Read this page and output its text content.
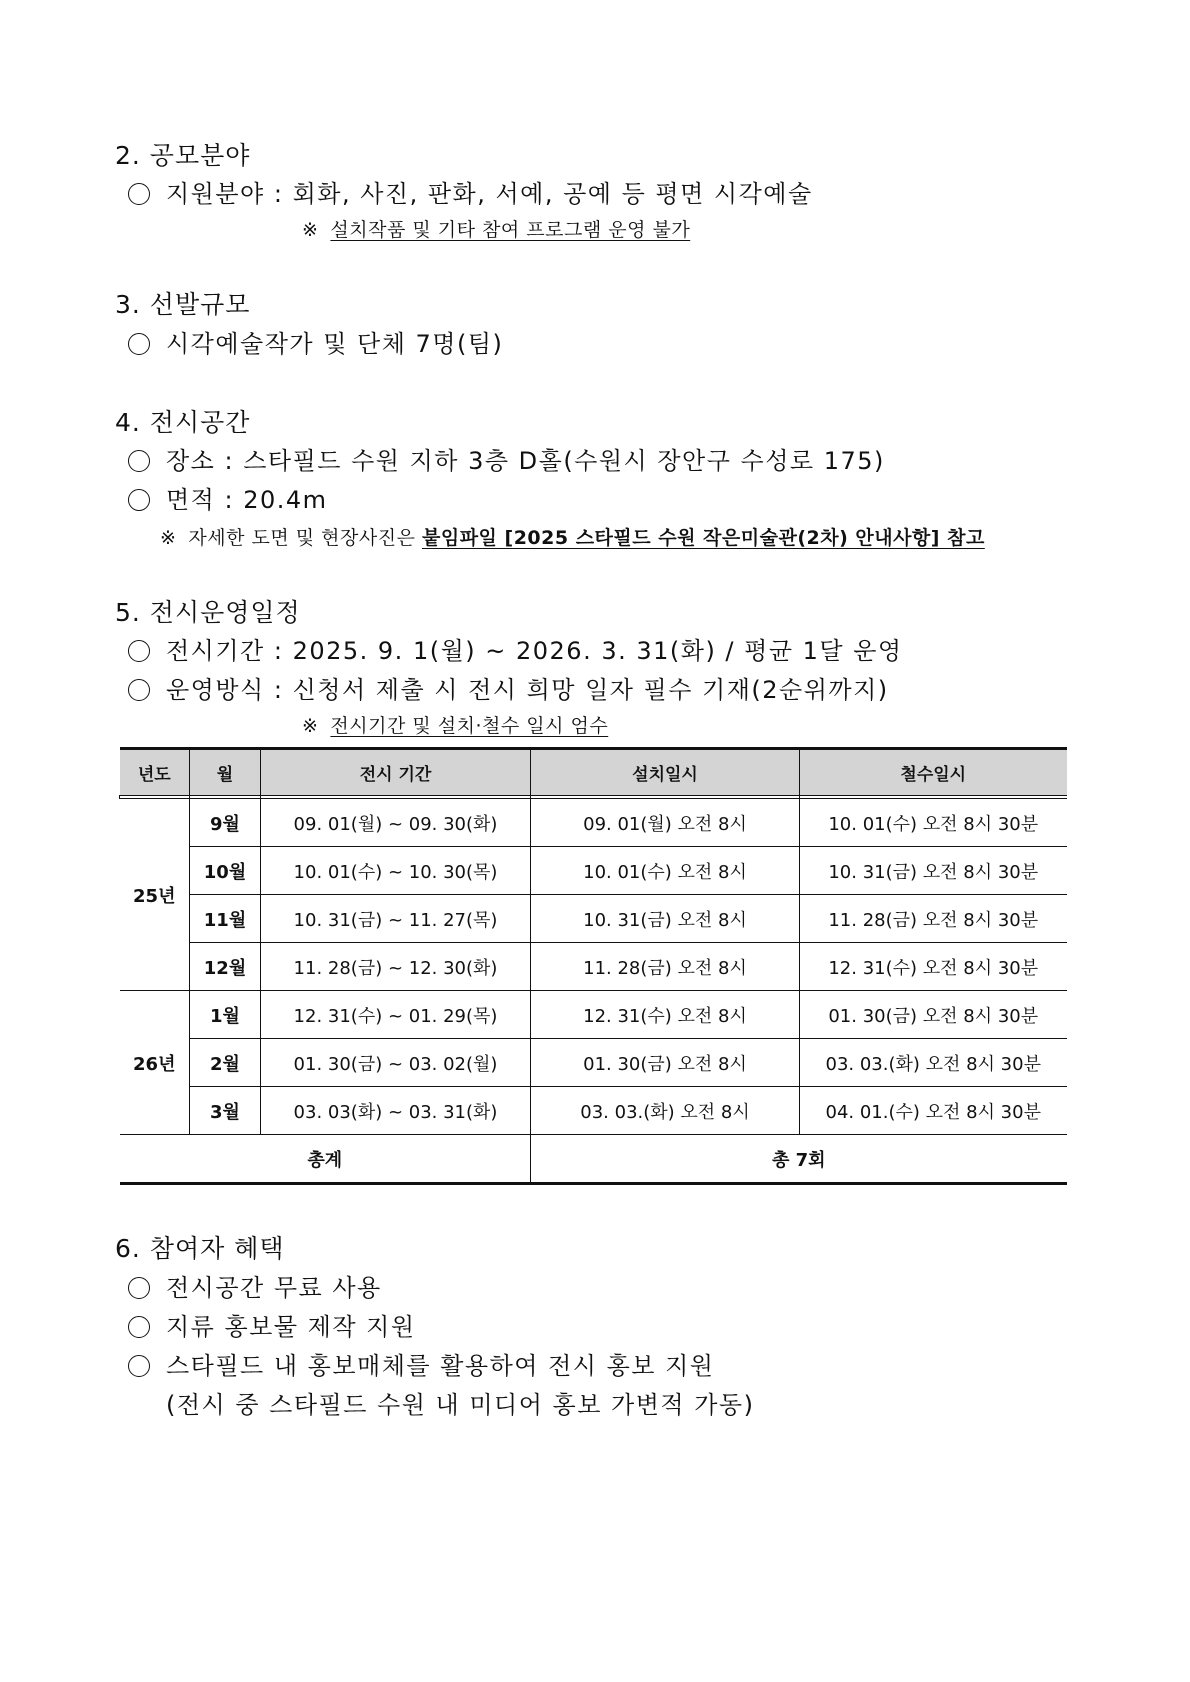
2. 공모분야
지원분야 : 회화, 사진, 판화, 서예, 공예 등 평면 시각예술
※ 설치작품 및 기타 참여 프로그램 운영 불가
3. 선발규모
시각예술작가 및 단체 7명(팀)
4. 전시공간
장소 : 스타필드 수원 지하 3층 D홀(수원시 장안구 수성로 175)
면적 : 20.4m
※ 자세한 도면 및 현장사진은 붙임파일 [2025 스타필드 수원 작은미술관(2차) 안내사항] 참고
5. 전시운영일정
전시기간 : 2025. 9. 1(월) ~ 2026. 3. 31(화) / 평균 1달 운영
운영방식 : 신청서 제출 시 전시 희망 일자 필수 기재(2순위까지)
※ 전시기간 및 설치·철수 일시 엄수
년도	월	전시 기간	설치일시	철수일시

25년	9월	09. 01(월) ~ 09. 30(화)	09. 01(월) 오전 8시	10. 01(수) 오전 8시 30분
	10월	10. 01(수) ~ 10. 30(목)	10. 01(수) 오전 8시	10. 31(금) 오전 8시 30분
	11월	10. 31(금) ~ 11. 27(목)	10. 31(금) 오전 8시	11. 28(금) 오전 8시 30분
	12월	11. 28(금) ~ 12. 30(화)	11. 28(금) 오전 8시	12. 31(수) 오전 8시 30분
26년	1월	12. 31(수) ~ 01. 29(목)	12. 31(수) 오전 8시	01. 30(금) 오전 8시 30분
	2월	01. 30(금) ~ 03. 02(월)	01. 30(금) 오전 8시	03. 03.(화) 오전 8시 30분
	3월	03. 03(화) ~ 03. 31(화)	03. 03.(화) 오전 8시	04. 01.(수) 오전 8시 30분
총계			총 7회	
6. 참여자 혜택
전시공간 무료 사용
지류 홍보물 제작 지원
스타필드 내 홍보매체를 활용하여 전시 홍보 지원
(전시 중 스타필드 수원 내 미디어 홍보 가변적 가동)
